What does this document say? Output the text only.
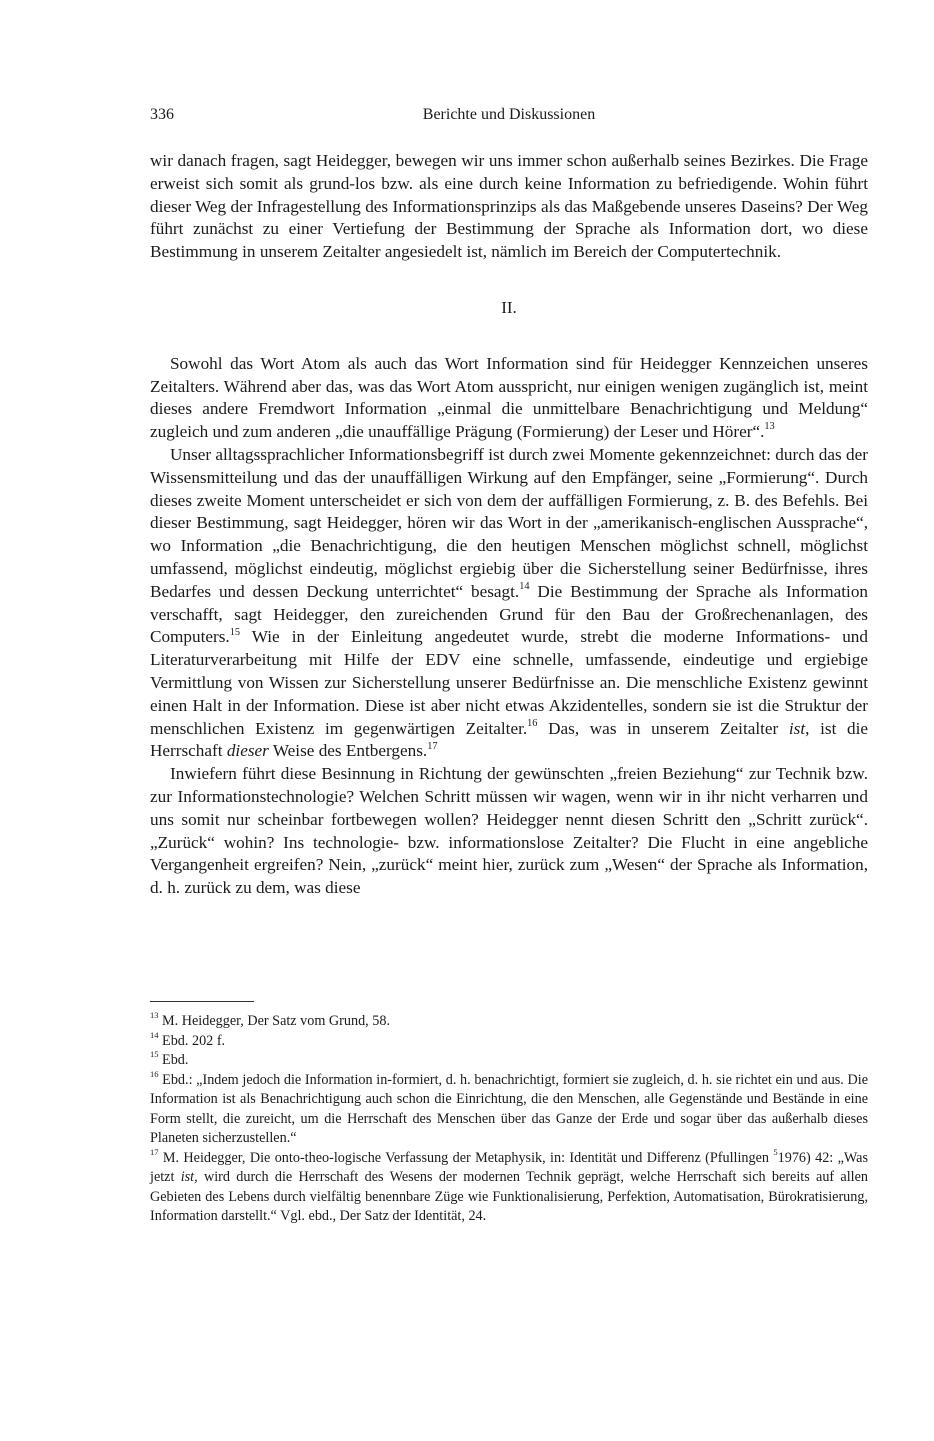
336	Berichte und Diskussionen

wir danach fragen, sagt Heidegger, bewegen wir uns immer schon außerhalb seines Bezirkes. Die Frage erweist sich somit als grund-los bzw. als eine durch keine Information zu befriedigende. Wohin führt dieser Weg der Infragestellung des Informationsprinzips als das Maßgebende unseres Daseins? Der Weg führt zunächst zu einer Vertiefung der Bestimmung der Sprache als Information dort, wo diese Bestimmung in unserem Zeitalter angesiedelt ist, nämlich im Bereich der Computertechnik.

II.

Sowohl das Wort Atom als auch das Wort Information sind für Heidegger Kennzeichen unseres Zeitalters. Während aber das, was das Wort Atom ausspricht, nur einigen wenigen zugänglich ist, meint dieses andere Fremdwort Information „einmal die unmittelbare Benachrichtigung und Meldung“ zugleich und zum anderen „die unauffällige Prägung (Formierung) der Leser und Hörer“.$^{13}$

Unser alltagssprachlicher Informationsbegriff ist durch zwei Momente gekennzeichnet: durch das der Wissensmitteilung und das der unauffälligen Wirkung auf den Empfänger, seine „Formierung“. Durch dieses zweite Moment unterscheidet er sich von dem der auffälligen Formierung, z. B. des Befehls. Bei dieser Bestimmung, sagt Heidegger, hören wir das Wort in der „amerikanisch-englischen Aussprache“, wo Information „die Benachrichtigung, die den heutigen Menschen möglichst schnell, möglichst umfassend, möglichst eindeutig, möglichst ergiebig über die Sicherstellung seiner Bedürfnisse, ihres Bedarfes und dessen Deckung unterrichtet“ besagt.$^{14}$ Die Bestimmung der Sprache als Information verschafft, sagt Heidegger, den zureichenden Grund für den Bau der Großrechenanlagen, des Computers.$^{15}$ Wie in der Einleitung angedeutet wurde, strebt die moderne Informations- und Literaturverarbeitung mit Hilfe der EDV eine schnelle, umfassende, eindeutige und ergiebige Vermittlung von Wissen zur Sicherstellung unserer Bedürfnisse an. Die menschliche Existenz gewinnt einen Halt in der Information. Diese ist aber nicht etwas Akzidentelles, sondern sie ist die Struktur der menschlichen Existenz im gegenwärtigen Zeitalter.$^{16}$ Das, was in unserem Zeitalter ist, ist die Herrschaft dieser Weise des Entbergens.$^{17}$

Inwiefern führt diese Besinnung in Richtung der gewünschten „freien Beziehung“ zur Technik bzw. zur Informationstechnologie? Welchen Schritt müssen wir wagen, wenn wir in ihr nicht verharren und uns somit nur scheinbar fortbewegen wollen? Heidegger nennt diesen Schritt den „Schritt zurück“. „Zurück“ wohin? Ins technologie- bzw. informationslose Zeitalter? Die Flucht in eine angebliche Vergangenheit ergreifen? Nein, „zurück“ meint hier, zurück zum „Wesen“ der Sprache als Information, d. h. zurück zu dem, was diese

$^{13}$ M. Heidegger, Der Satz vom Grund, 58.

$^{14}$ Ebd. 202 f.

$^{15}$ Ebd.

$^{16}$ Ebd.: „Indem jedoch die Information in-formiert, d. h. benachrichtigt, formiert sie zugleich, d. h. sie richtet ein und aus. Die Information ist als Benachrichtigung auch schon die Einrichtung, die den Menschen, alle Gegenstände und Bestände in eine Form stellt, die zureicht, um die Herrschaft des Menschen über das Ganze der Erde und sogar über das außerhalb dieses Planeten sicherzustellen.“

$^{17}$ M. Heidegger, Die onto-theo-logische Verfassung der Metaphysik, in: Identität und Differenz (Pfullingen $^5$1976) 42: „Was jetzt ist, wird durch die Herrschaft des Wesens der modernen Technik geprägt, welche Herrschaft sich bereits auf allen Gebieten des Lebens durch vielfältig benennbare Züge wie Funktionalisierung, Perfektion, Automatisation, Bürokratisierung, Information darstellt.“ Vgl. ebd., Der Satz der Identität, 24.
